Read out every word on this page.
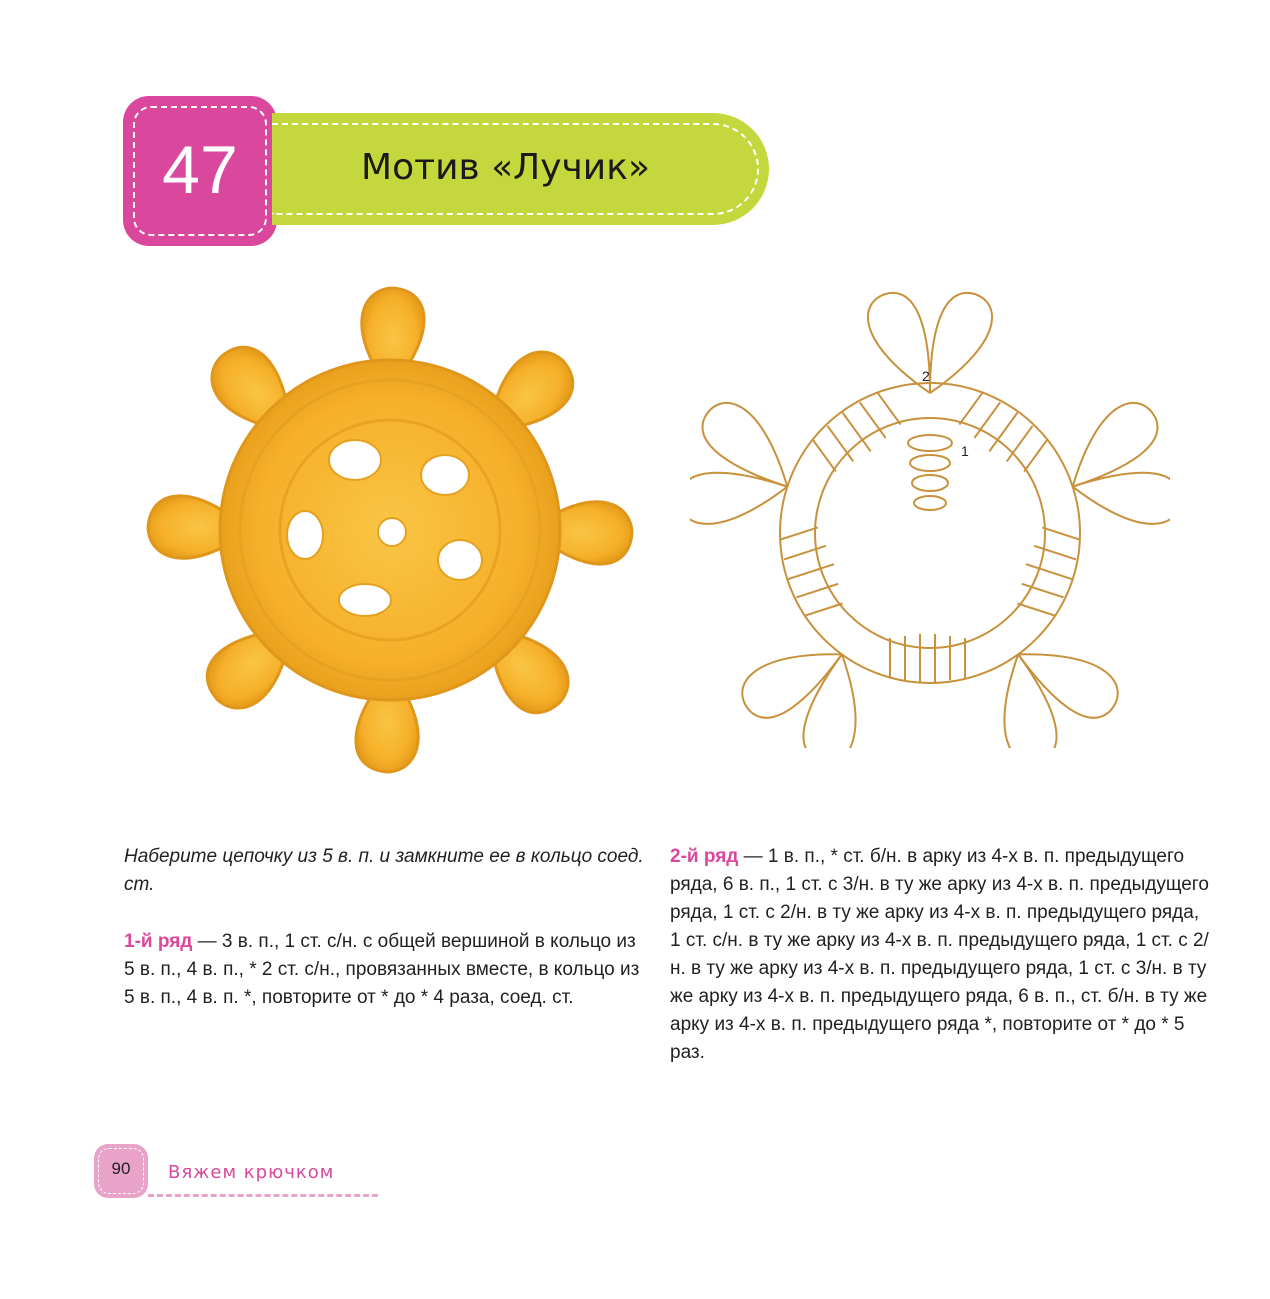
47	Мотив «Лучик»
2
1
Наберите цепочку из 5 в. п. и замкните ее в кольцо соед. ст.
1-й ряд — 3 в. п., 1 ст. с/н. с общей вершиной в кольцо из 5 в. п., 4 в. п., * 2 ст. с/н., провязанных вместе, в кольцо из 5 в. п., 4 в. п. *, повторите от * до * 4 раза, соед. ст.
2-й ряд — 1 в. п., * ст. б/н. в арку из 4-х в. п. предыдущего ряда, 6 в. п., 1 ст. с 3/н. в ту же арку из 4-х в. п. предыдущего ряда, 1 ст. с 2/н. в ту же арку из 4-х в. п. предыдущего ряда, 1 ст. с/н. в ту же арку из 4-х в. п. предыдущего ряда, 1 ст. с 2/н. в ту же арку из 4-х в. п. предыдущего ряда, 1 ст. с 3/н. в ту же арку из 4-х в. п. предыдущего ряда, 6 в. п., ст. б/н. в ту же арку из 4-х в. п. предыдущего ряда *, повторите от * до * 5 раз.
90	Вяжем крючком
